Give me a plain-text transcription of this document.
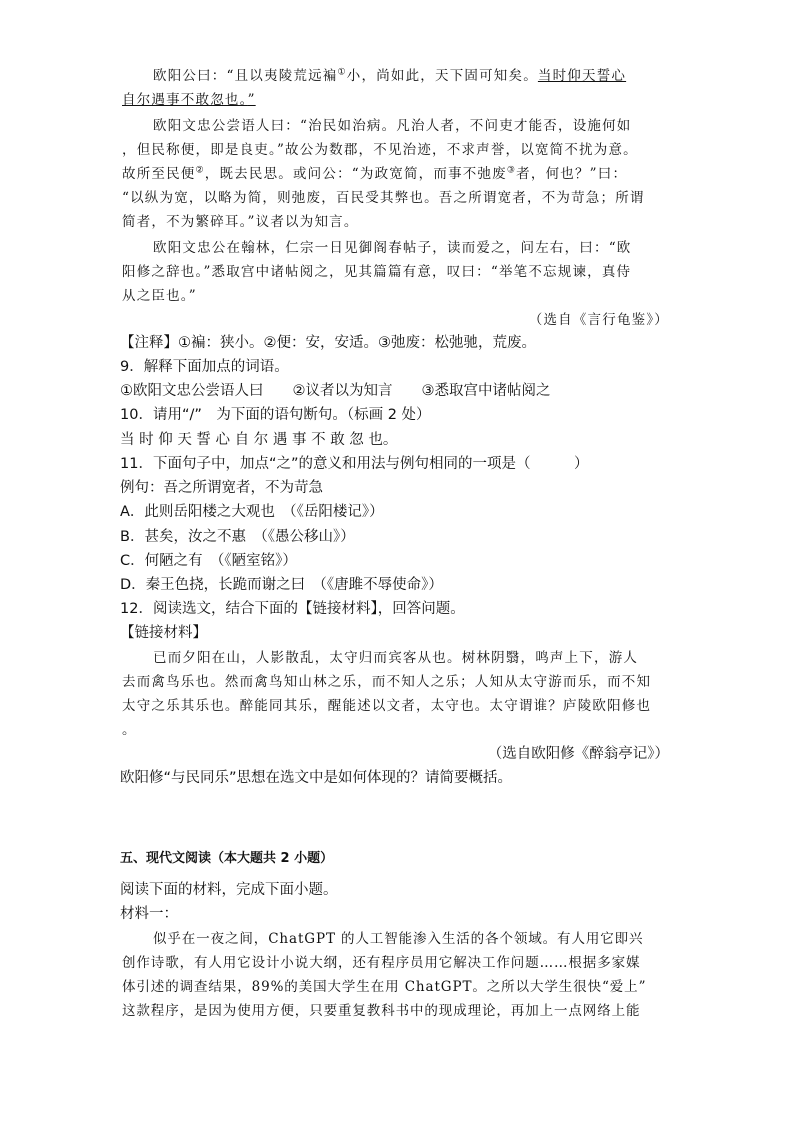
欧阳公曰：“且以夷陵荒远褊①小，尚如此，天下固可知矣。当时仰天誓心
自尔遇事不敢忽也。”
欧阳文忠公尝语人曰：“治民如治病。凡治人者，不问吏才能否，设施何如
，但民称便，即是良吏。”故公为数郡，不见治迹，不求声誉，以宽简不扰为意。
故所至民便②，既去民思。或问公：“为政宽简，而事不弛废③者，何也？”曰：
“以纵为宽，以略为简，则弛废，百民受其弊也。吾之所谓宽者，不为苛急；所谓
简者，不为繁碎耳。”议者以为知言。
欧阳文忠公在翰林，仁宗一日见御阁春帖子，读而爱之，问左右，曰：“欧
阳修之辞也。”悉取宫中诸帖阅之，见其篇篇有意，叹曰：“举笔不忘规谏，真侍
从之臣也。”
（选自《言行龟鉴》）
【注释】①褊：狭小。②便：安，安适。③弛废：松弛驰，荒废。
9．解释下面加点的词语。
①欧阳文忠公尝语人曰　　②议者以为知言　　③悉取宫中诸帖阅之
10．请用“/”　为下面的语句断句。（标画 2 处）
当 时 仰 天 誓 心 自 尔 遇 事 不 敢 忽 也。
11．下面句子中，加点“之”的意义和用法与例句相同的一项是（　　　）
例句：吾之所谓宽者，不为苛急
A．此则岳阳楼之大观也　（《岳阳楼记》）
B．甚矣，汝之不惠　（《愚公移山》）
C．何陋之有　（《陋室铭》）
D．秦王色挠，长跪而谢之曰　（《唐雎不辱使命》）
12．阅读选文，结合下面的【链接材料】，回答问题。
【链接材料】
已而夕阳在山，人影散乱，太守归而宾客从也。树林阴翳，鸣声上下，游人
去而禽鸟乐也。然而禽鸟知山林之乐，而不知人之乐；人知从太守游而乐，而不知
太守之乐其乐也。醉能同其乐，醒能述以文者，太守也。太守谓谁？庐陵欧阳修也
。
（选自欧阳修《醉翁亭记》）
欧阳修“与民同乐”思想在选文中是如何体现的？请简要概括。
五、现代文阅读（本大题共 2 小题）
阅读下面的材料，完成下面小题。
材料一：
似乎在一夜之间，ChatGPT 的人工智能渗入生活的各个领域。有人用它即兴
创作诗歌，有人用它设计小说大纲，还有程序员用它解决工作问题……根据多家媒
体引述的调查结果，89%的美国大学生在用 ChatGPT。之所以大学生很快“爱上”
这款程序，是因为使用方便，只要重复教科书中的现成理论，再加上一点网络上能
